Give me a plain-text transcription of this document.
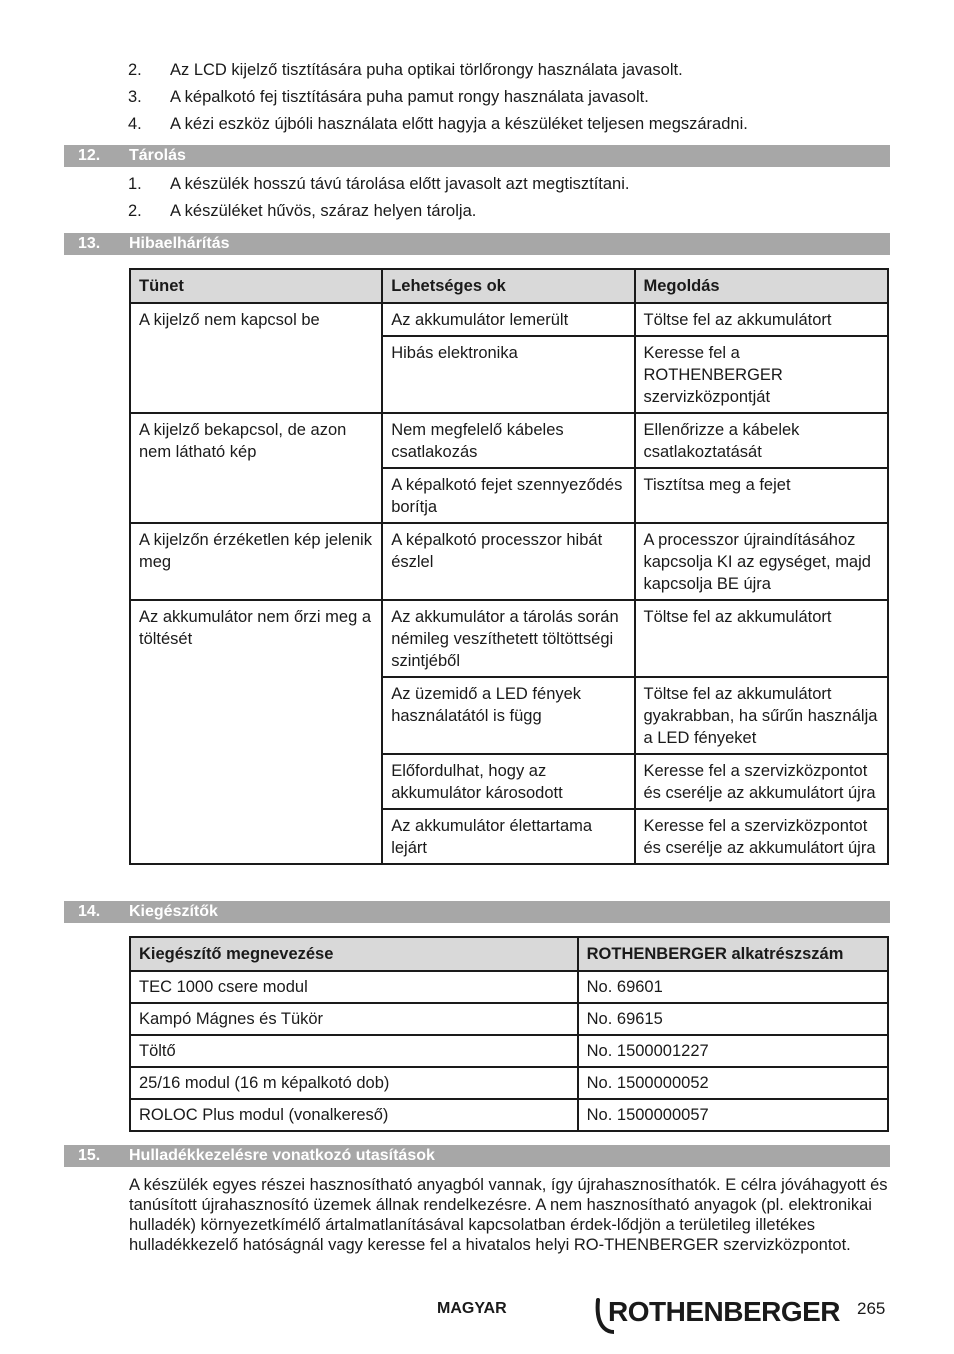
2. Az LCD kijelző tisztítására puha optikai törlőrongy használata javasolt.
3. A képalkotó fej tisztítására puha pamut rongy használata javasolt.
4. A kézi eszköz újbóli használata előtt hagyja a készüléket teljesen megszáradni.
12. Tárolás
1. A készülék hosszú távú tárolása előtt javasolt azt megtisztítani.
2. A készüléket hűvös, száraz helyen tárolja.
13. Hibaelhárítás
Tünet	Lehetséges ok	Megoldás
A kijelző nem kapcsol be	Az akkumulátor lemerült	Töltse fel az akkumulátort
	Hibás elektronika	Keresse fel a ROTHENBERGER szervizközpontját
A kijelző bekapcsol, de azon nem látható kép	Nem megfelelő kábeles csatlakozás	Ellenőrizze a kábelek csatlakoztatását
	A képalkotó fejet szennyeződés borítja	Tisztítsa meg a fejet
A kijelzőn érzéketlen kép jelenik meg	A képalkotó processzor hibát észlel	A processzor újraindításához kapcsolja KI az egységet, majd kapcsolja BE újra
Az akkumulátor nem őrzi meg a töltését	Az akkumulátor a tárolás során némileg veszíthetett töltöttségi szintjéből	Töltse fel az akkumulátort
	Az üzemidő a LED fények használatától is függ	Töltse fel az akkumulátort gyakrabban, ha sűrűn használja a LED fényeket
	Előfordulhat, hogy az akkumulátor károsodott	Keresse fel a szervizközpontot és cserélje az akkumulátort újra
	Az akkumulátor élettartama lejárt	Keresse fel a szervizközpontot és cserélje az akkumulátort újra
14. Kiegészítők
Kiegészítő megnevezése	ROTHENBERGER alkatrészszám
TEC 1000 csere modul	No. 69601
Kampó Mágnes és Tükör	No. 69615
Töltő	No. 1500001227
25/16 modul (16 m képalkotó dob)	No. 1500000052
ROLOC Plus modul (vonalkereső)	No. 1500000057
15. Hulladékkezelésre vonatkozó utasítások
A készülék egyes részei hasznosítható anyagból vannak, így újrahasznosíthatók. E célra jóváhagyott és tanúsított újrahasznosító üzemek állnak rendelkezésre. A nem hasznosítható anyagok (pl. elektronikai hulladék) környezetkímélő ártalmatlanításával kapcsolatban érdek-lődjön a területileg illetékes hulladékkezelő hatóságnál vagy keresse fel a hivatalos helyi RO-THENBERGER szervizközpontot.
MAGYAR	ROTHENBERGER 265
